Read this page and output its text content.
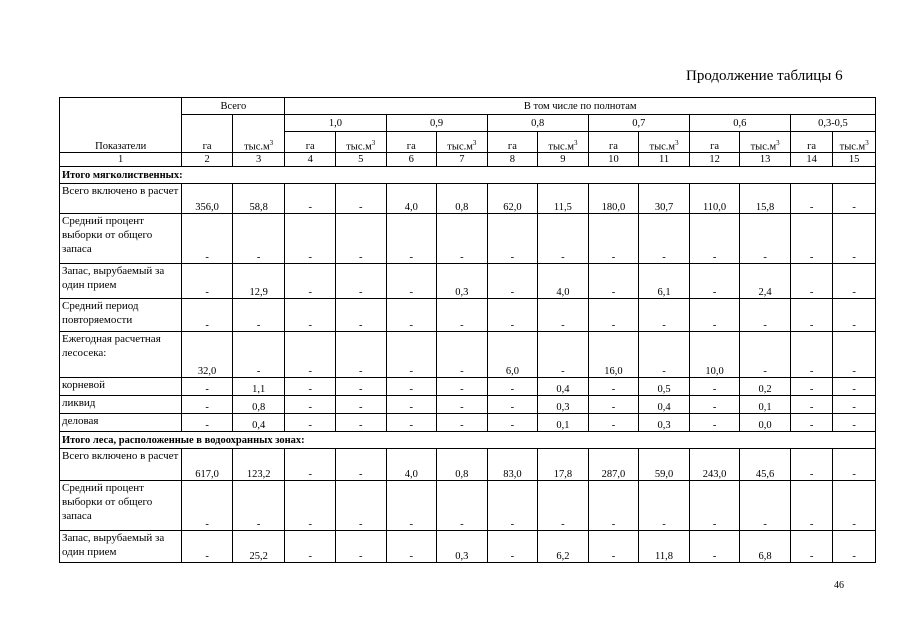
Продолжение таблицы 6
Показатели	Всего		В том числе по полнотам											
	га	$тыс.м^3$	1,0		0,9		0,8		0,7		0,6		0,3-0,5	
			га	$тыс.м^3$	га	$тыс.м^3$	га	$тыс.м^3$	га	$тыс.м^3$	га	$тыс.м^3$	га	$тыс.м^3$
1	2	3	4	5	6	7	8	9	10	11	12	13	14	15
Итого мягколиственных:														
Всего включено в расчет	356,0	58,8	-	-	4,0	0,8	62,0	11,5	180,0	30,7	110,0	15,8	-	-
Средний процент выборки от общего запаса	-	-	-	-	-	-	-	-	-	-	-	-	-	-
Запас, вырубаемый за один прием	-	12,9	-	-	-	0,3	-	4,0	-	6,1	-	2,4	-	-
Средний период повторяемости	-	-	-	-	-	-	-	-	-	-	-	-	-	-
Ежегодная расчетная лесосека:	32,0	-	-	-	-	-	6,0	-	16,0	-	10,0	-	-	-
корневой	-	1,1	-	-	-	-	-	0,4	-	0,5	-	0,2	-	-
ликвид	-	0,8	-	-	-	-	-	0,3	-	0,4	-	0,1	-	-
деловая	-	0,4	-	-	-	-	-	0,1	-	0,3	-	0,0	-	-
Итого леса, расположенные в водоохранных зонах:														
Всего включено в расчет	617,0	123,2	-	-	4,0	0,8	83,0	17,8	287,0	59,0	243,0	45,6	-	-
Средний процент выборки от общего запаса	-	-	-	-	-	-	-	-	-	-	-	-	-	-
Запас, вырубаемый за один прием	-	25,2	-	-	-	0,3	-	6,2	-	11,8	-	6,8	-	-
46
